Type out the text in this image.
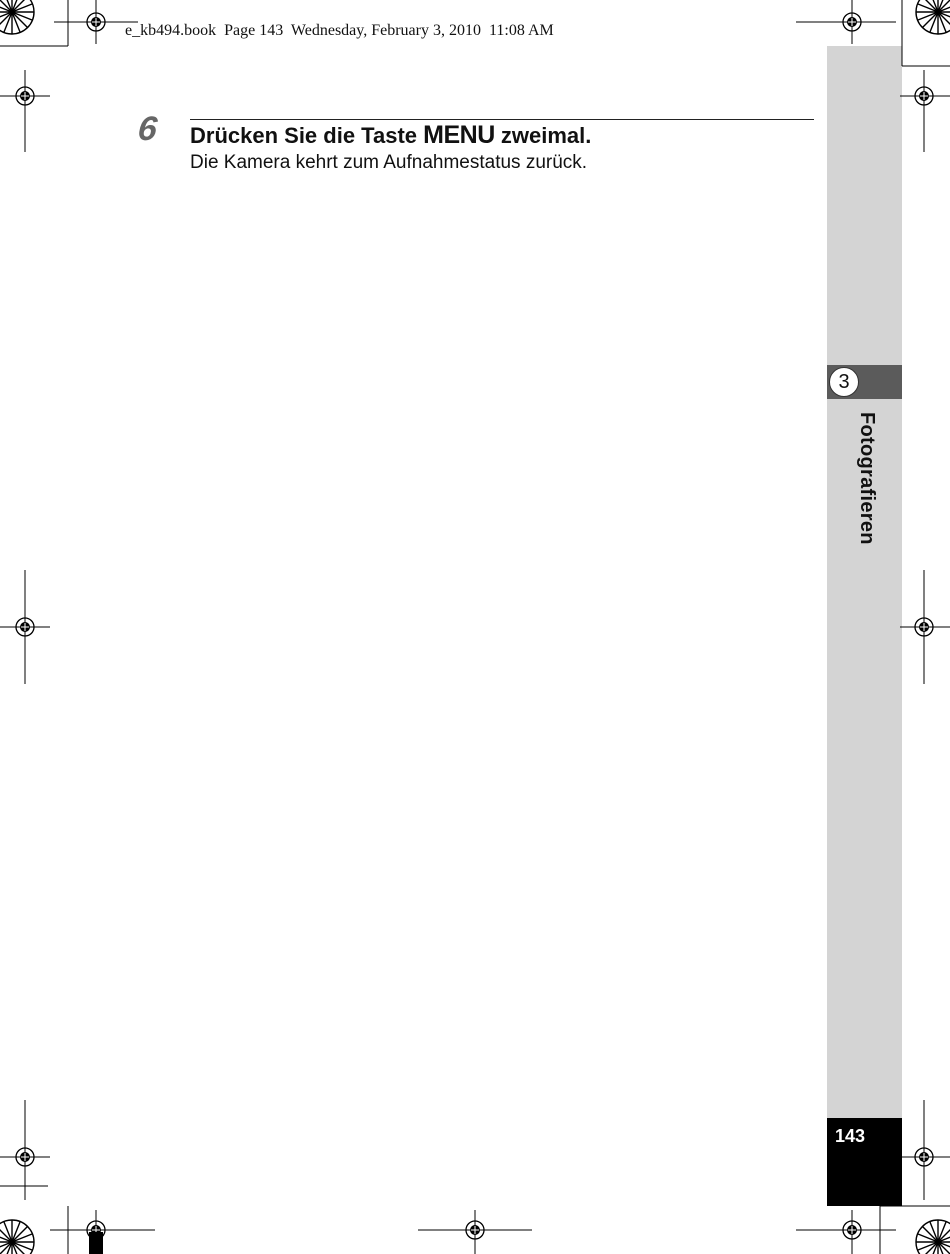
e_kb494.book  Page 143  Wednesday, February 3, 2010  11:08 AM
3
Fotografieren
143
6 Drücken Sie die Taste MENU zweimal.
Die Kamera kehrt zum Aufnahmestatus zurück.
